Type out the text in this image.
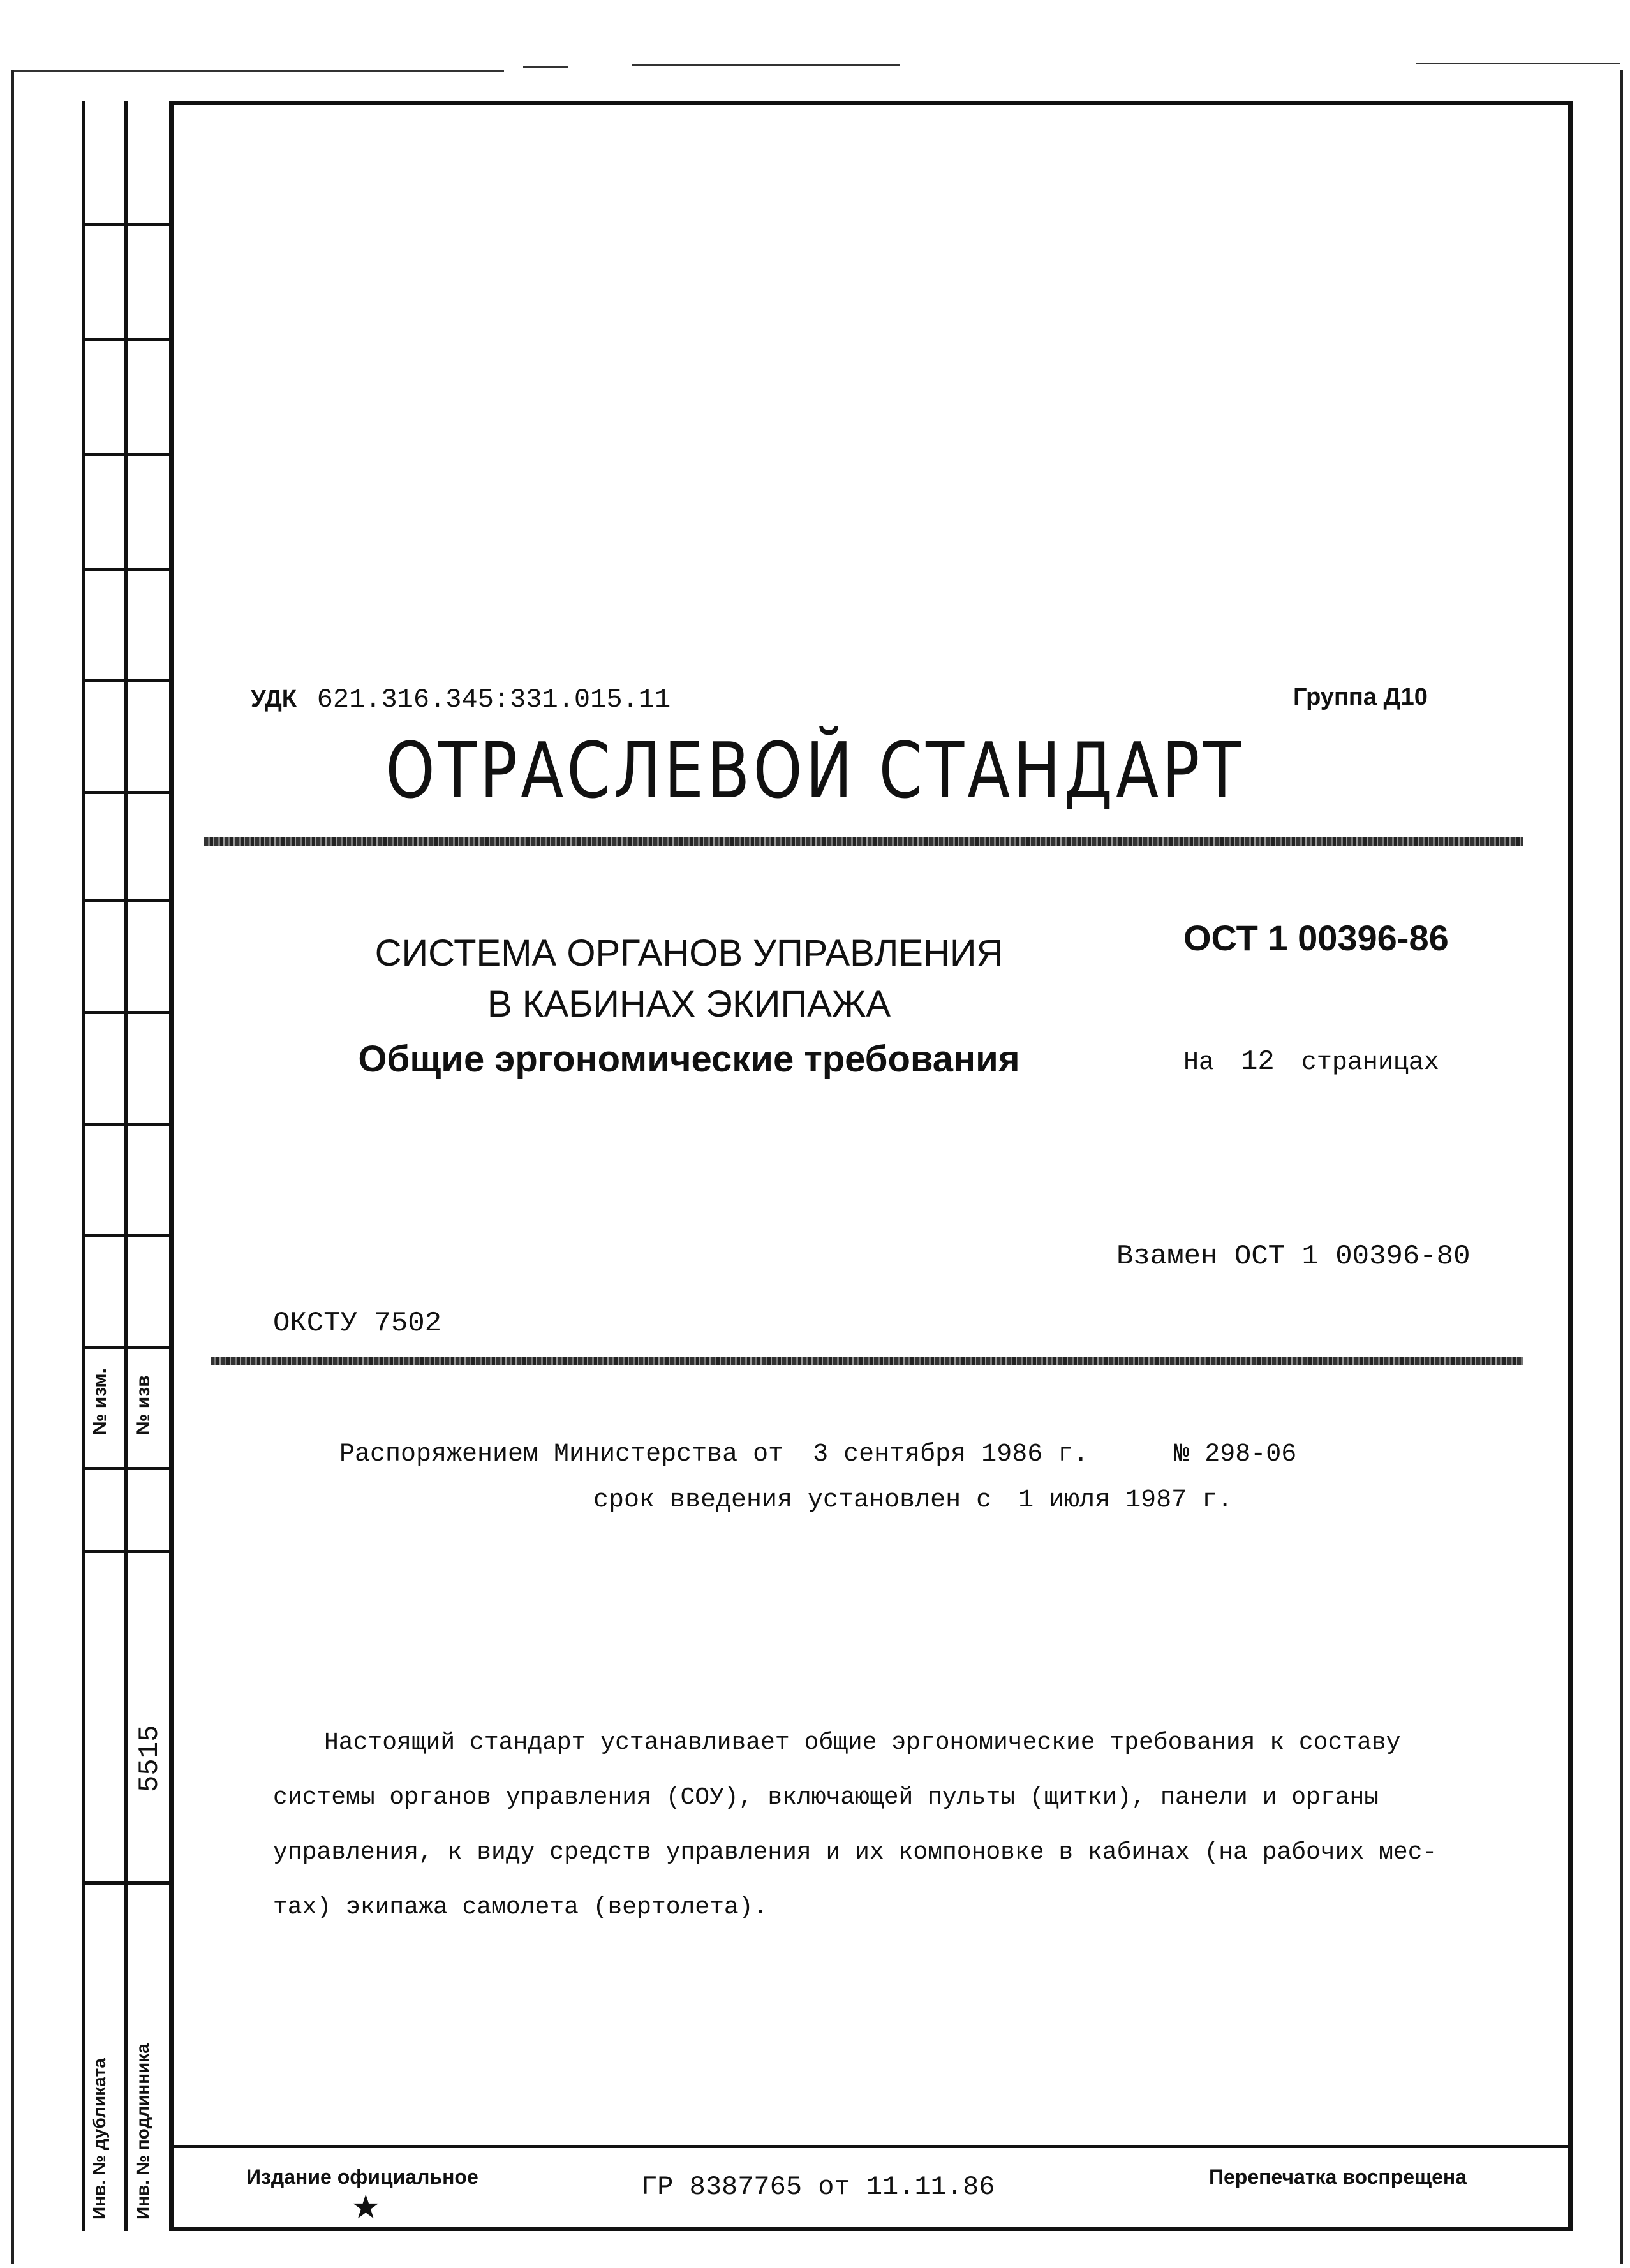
№ изм. № изв
5515
Инв. № дубликата Инв. № подлинника
УДК 621.316.345:331.015.11	Группа Д10
ОТРАСЛЕВОЙ СТАНДАРТ
СИСТЕМА ОРГАНОВ УПРАВЛЕНИЯ
В КАБИНАХ ЭКИПАЖА
Общие эргономические требования
ОСТ 1 00396-86
На 12 страницах
Взамен ОСТ 1 00396-80
ОКСТУ 7502
Распоряжением Министерства от 3 сентября 1986 г.	№ 298-06
срок введения установлен с 1 июля 1987 г.
Настоящий стандарт устанавливает общие эргономические требования к составу
системы органов управления (СОУ), включающей пульты (щитки), панели и органы
управления, к виду средств управления и их компоновке в кабинах (на рабочих мес-
тах) экипажа самолета (вертолета).
Издание официальное
★
ГР 8387765 от 11.11.86	Перепечатка воспрещена
